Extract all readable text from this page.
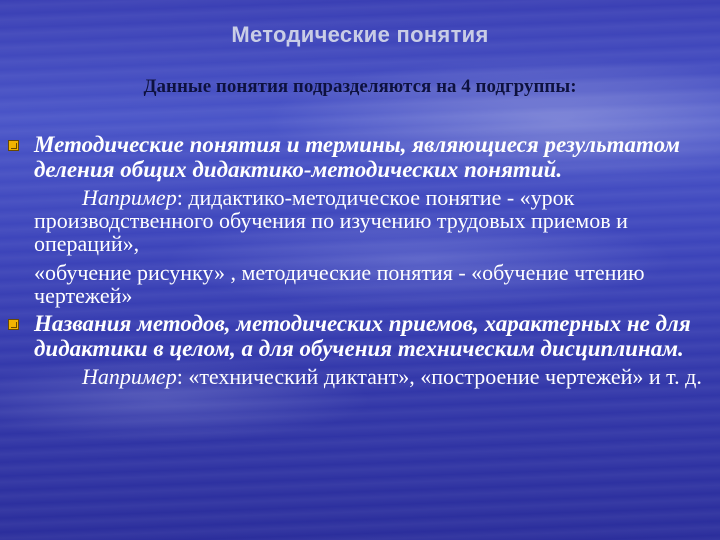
Методические понятия
Данные понятия подразделяются на 4 подгруппы:

Методические понятия и термины, являющиеся результатом деления общих дидактико-методических понятий.

Например: дидактико-методическое понятие - «урок производственного обучения по изучению трудовых приемов и операций»,

«обучение рисунку» , методические понятия - «обучение чтению чертежей»

Названия методов, методических приемов, характерных не для дидактики в целом, а для обучения техническим дисциплинам.

Например: «технический диктант», «построение чертежей» и т. д.
